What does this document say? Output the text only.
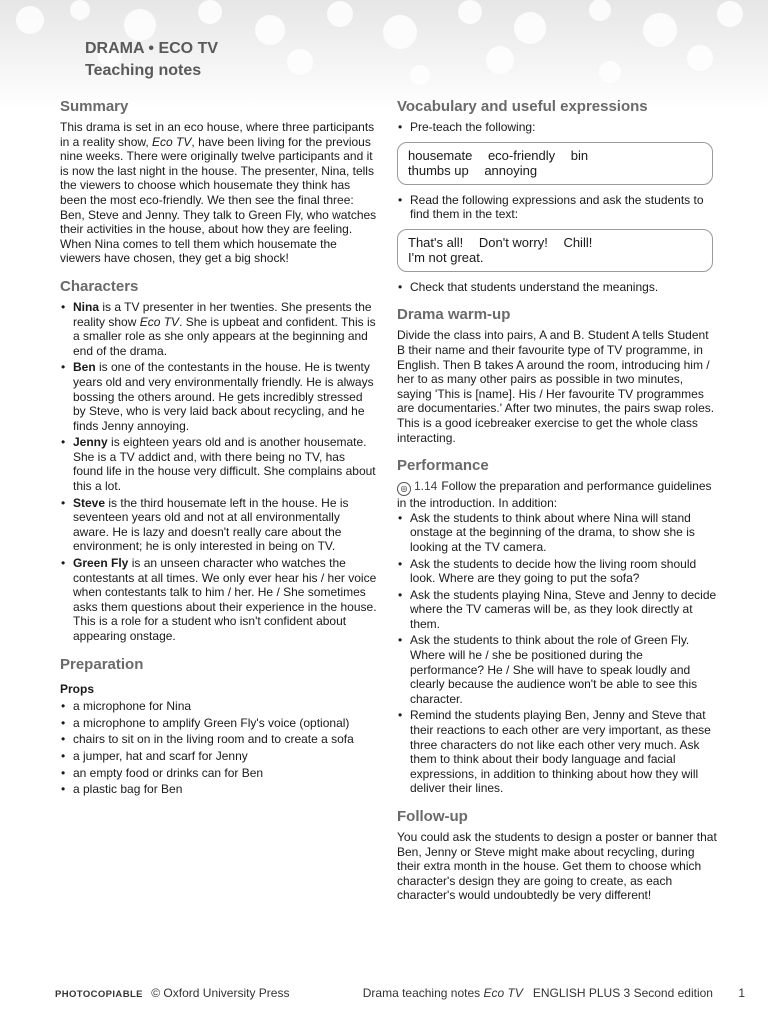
DRAMA • ECO TV
Teaching notes
Summary

This drama is set in an eco house, where three participants in a reality show, Eco TV, have been living for the previous nine weeks. There were originally twelve participants and it is now the last night in the house. The presenter, Nina, tells the viewers to choose which housemate they think has been the most eco-friendly. We then see the final three: Ben, Steve and Jenny. They talk to Green Fly, who watches their activities in the house, about how they are feeling. When Nina comes to tell them which housemate the viewers have chosen, they get a big shock!

Characters
• Nina is a TV presenter in her twenties. She presents the reality show Eco TV. She is upbeat and confident. This is a smaller role as she only appears at the beginning and end of the drama.
• Ben is one of the contestants in the house. He is twenty years old and very environmentally friendly. He is always bossing the others around. He gets incredibly stressed by Steve, who is very laid back about recycling, and he finds Jenny annoying.
• Jenny is eighteen years old and is another housemate. She is a TV addict and, with there being no TV, has found life in the house very difficult. She complains about this a lot.
• Steve is the third housemate left in the house. He is seventeen years old and not at all environmentally aware. He is lazy and doesn't really care about the environment; he is only interested in being on TV.
• Green Fly is an unseen character who watches the contestants at all times. We only ever hear his / her voice when contestants talk to him / her. He / She sometimes asks them questions about their experience in the house. This is a role for a student who isn't confident about appearing onstage.
Preparation
Props
• a microphone for Nina
• a microphone to amplify Green Fly's voice (optional)
• chairs to sit on in the living room and to create a sofa
• a jumper, hat and scarf for Jenny
• an empty food or drinks can for Ben
• a plastic bag for Ben
Vocabulary and useful expressions
• Pre-teach the following:
housemate eco-friendly bin
thumbs up annoying
• Read the following expressions and ask the students to find them in the text:
That's all! Don't worry! Chill!
I'm not great.
• Check that students understand the meanings.
Drama warm-up

Divide the class into pairs, A and B. Student A tells Student B their name and their favourite type of TV programme, in English. Then B takes A around the room, introducing him / her to as many other pairs as possible in two minutes, saying 'This is [name]. His / Her favourite TV programmes are documentaries.' After two minutes, the pairs swap roles. This is a good icebreaker exercise to get the whole class interacting.

Performance

◎ 1.14 Follow the preparation and performance guidelines in the introduction. In addition:

• Ask the students to think about where Nina will stand onstage at the beginning of the drama, to show she is looking at the TV camera.
• Ask the students to decide how the living room should look. Where are they going to put the sofa?
• Ask the students playing Nina, Steve and Jenny to decide where the TV cameras will be, as they look directly at them.
• Ask the students to think about the role of Green Fly. Where will he / she be positioned during the performance? He / She will have to speak loudly and clearly because the audience won't be able to see this character.
• Remind the students playing Ben, Jenny and Steve that their reactions to each other are very important, as these three characters do not like each other very much. Ask them to think about their body language and facial expressions, in addition to thinking about how they will deliver their lines.
Follow-up

You could ask the students to design a poster or banner that Ben, Jenny or Steve might make about recycling, during their extra month in the house. Get them to choose which character's design they are going to create, as each character's would undoubtedly be very different!

PHOTOCOPIABLE © Oxford University Press	Drama teaching notes Eco TV ENGLISH PLUS 3 Second edition 1
